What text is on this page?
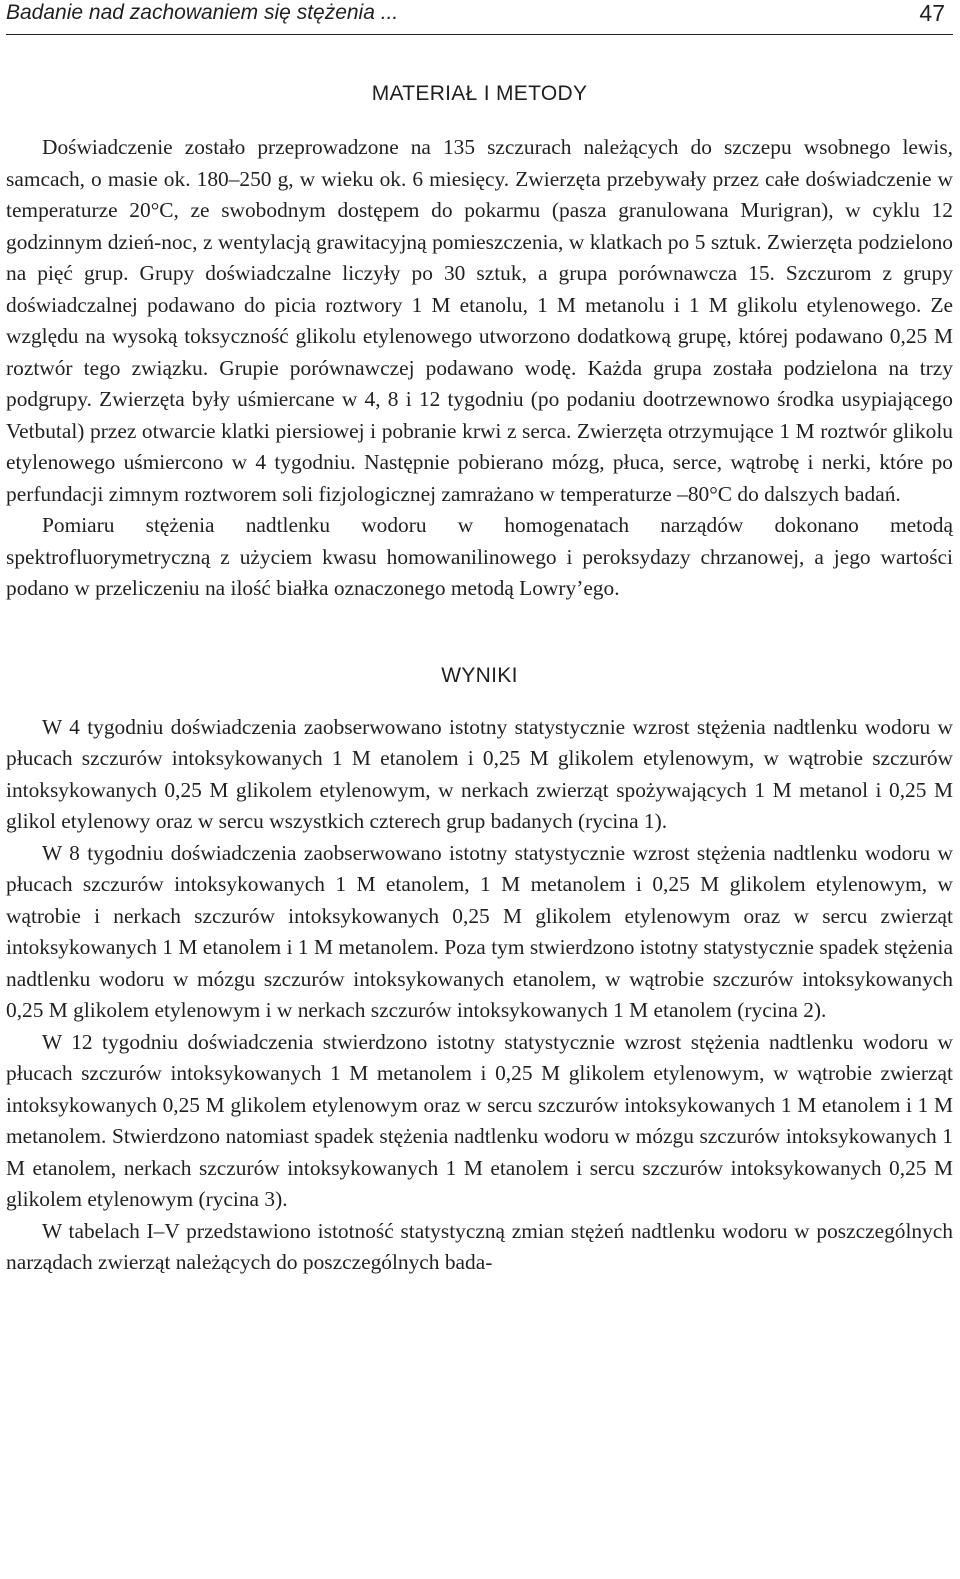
Badanie nad zachowaniem się stężenia ...	47
MATERIAŁ I METODY

Doświadczenie zostało przeprowadzone na 135 szczurach należących do szczepu wsobnego lewis, samcach, o masie ok. 180–250 g, w wieku ok. 6 miesięcy. Zwierzęta przebywały przez całe doświadczenie w temperaturze 20°C, ze swobodnym dostępem do pokarmu (pasza granulowana Murigran), w cyklu 12 godzinnym dzień-noc, z wentylacją grawitacyjną pomieszczenia, w klatkach po 5 sztuk. Zwierzęta podzielono na pięć grup. Grupy doświadczalne liczyły po 30 sztuk, a grupa porównawcza 15. Szczurom z grupy doświadczalnej podawano do picia roztwory 1 M etanolu, 1 M metanolu i 1 M glikolu etylenowego. Ze względu na wysoką toksyczność glikolu etylenowego utworzono dodatkową grupę, której podawano 0,25 M roztwór tego związku. Grupie porównawczej podawano wodę. Każda grupa została podzielona na trzy podgrupy. Zwierzęta były uśmiercane w 4, 8 i 12 tygodniu (po podaniu dootrzewnowo środka usypiającego Vetbutal) przez otwarcie klatki piersiowej i pobranie krwi z serca. Zwierzęta otrzymujące 1 M roztwór glikolu etylenowego uśmiercono w 4 tygodniu. Następnie pobierano mózg, płuca, serce, wątrobę i nerki, które po perfundacji zimnym roztworem soli fizjologicznej zamrażano w temperaturze –80°C do dalszych badań.

Pomiaru stężenia nadtlenku wodoru w homogenatach narządów dokonano metodą spektrofluorymetryczną z użyciem kwasu homowanilinowego i peroksydazy chrzanowej, a jego wartości podano w przeliczeniu na ilość białka oznaczonego metodą Lowry’ego.

WYNIKI

W 4 tygodniu doświadczenia zaobserwowano istotny statystycznie wzrost stężenia nadtlenku wodoru w płucach szczurów intoksykowanych 1 M etanolem i 0,25 M glikolem etylenowym, w wątrobie szczurów intoksykowanych 0,25 M glikolem etylenowym, w nerkach zwierząt spożywających 1 M metanol i 0,25 M glikol etylenowy oraz w sercu wszystkich czterech grup badanych (rycina 1).

W 8 tygodniu doświadczenia zaobserwowano istotny statystycznie wzrost stężenia nadtlenku wodoru w płucach szczurów intoksykowanych 1 M etanolem, 1 M metanolem i 0,25 M glikolem etylenowym, w wątrobie i nerkach szczurów intoksykowanych 0,25 M glikolem etylenowym oraz w sercu zwierząt intoksykowanych 1 M etanolem i 1 M metanolem. Poza tym stwierdzono istotny statystycznie spadek stężenia nadtlenku wodoru w mózgu szczurów intoksykowanych etanolem, w wątrobie szczurów intoksykowanych 0,25 M glikolem etylenowym i w nerkach szczurów intoksykowanych 1 M etanolem (rycina 2).

W 12 tygodniu doświadczenia stwierdzono istotny statystycznie wzrost stężenia nadtlenku wodoru w płucach szczurów intoksykowanych 1 M metanolem i 0,25 M glikolem etylenowym, w wątrobie zwierząt intoksykowanych 0,25 M glikolem etylenowym oraz w sercu szczurów intoksykowanych 1 M etanolem i 1 M metanolem. Stwierdzono natomiast spadek stężenia nadtlenku wodoru w mózgu szczurów intoksykowanych 1 M etanolem, nerkach szczurów intoksykowanych 1 M etanolem i sercu szczurów intoksykowanych 0,25 M glikolem etylenowym (rycina 3).

W tabelach I–V przedstawiono istotność statystyczną zmian stężeń nadtlenku wodoru w poszczególnych narządach zwierząt należących do poszczególnych bada-
